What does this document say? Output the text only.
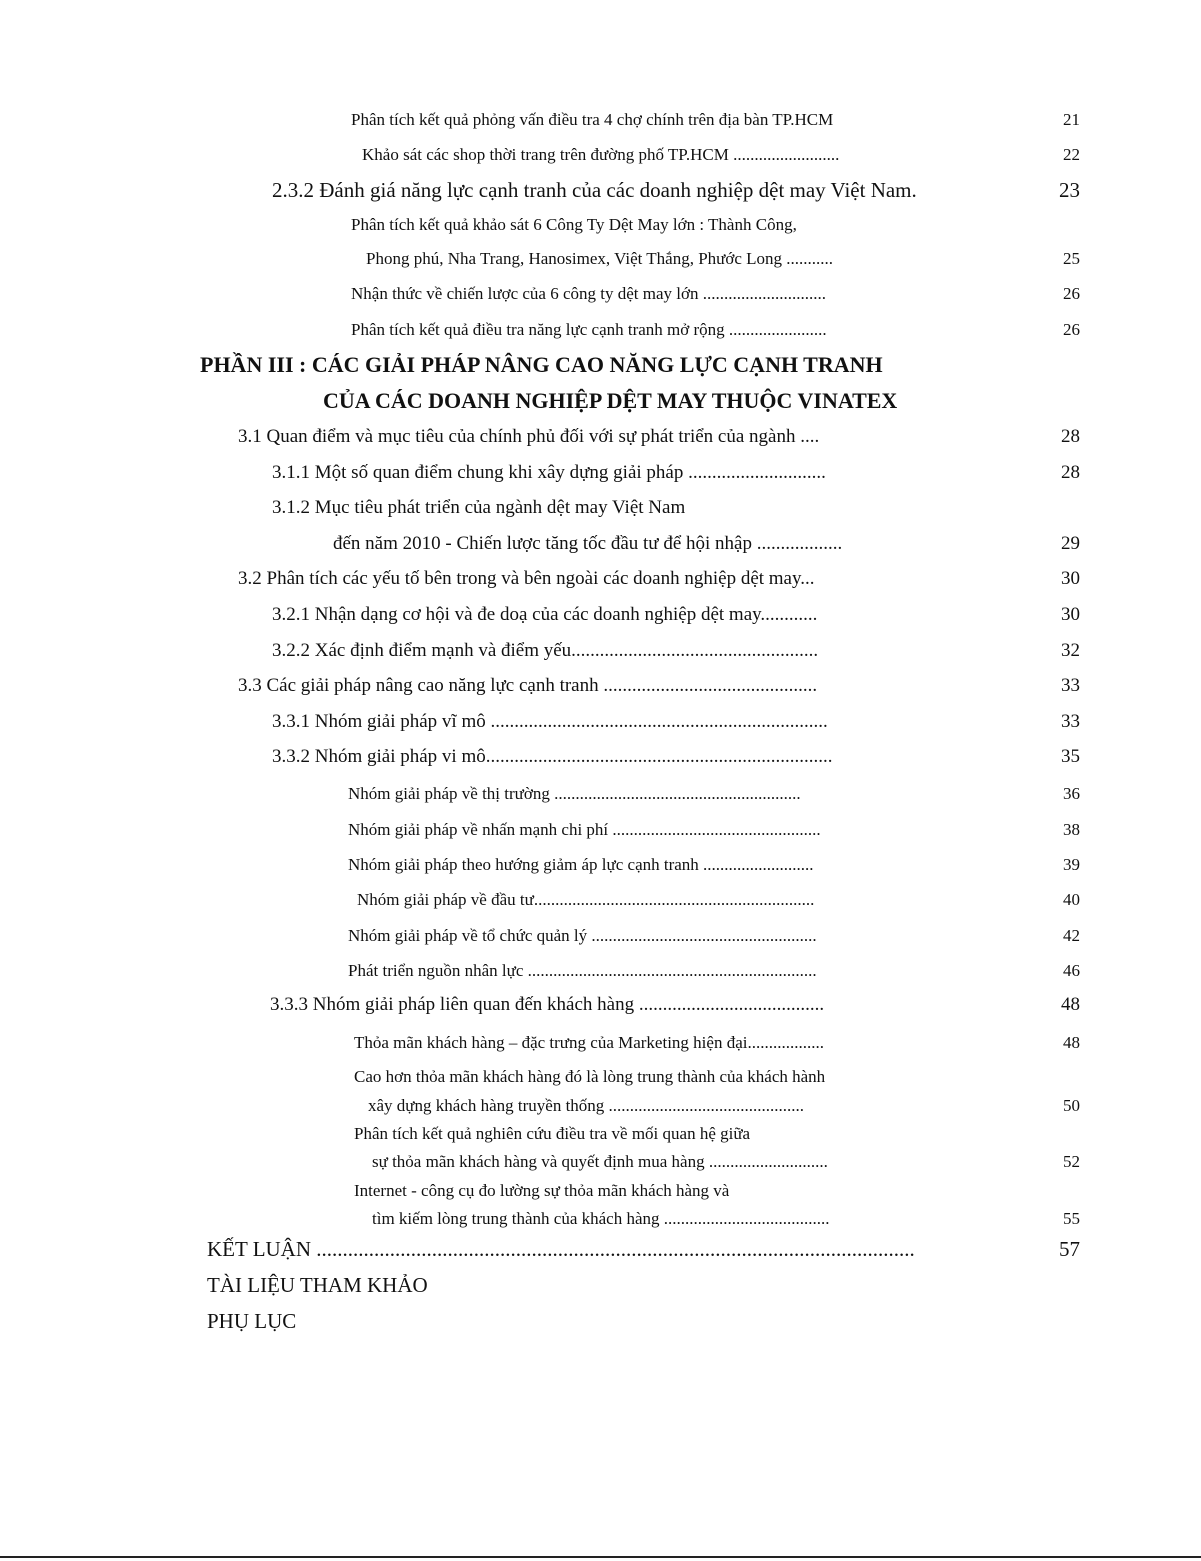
Phân tích kết quả phỏng vấn điều tra 4 chợ chính trên địa bàn TP.HCM	21
Khảo sát các shop thời trang trên đường phố TP.HCM .........................	22
2.3.2 Đánh giá năng lực cạnh tranh của các doanh nghiệp dệt may Việt Nam.	23
Phân tích kết quả khảo sát 6 Công Ty Dệt May lớn : Thành Công,
Phong phú, Nha Trang, Hanosimex, Việt Thắng, Phước Long ...........	25
Nhận thức về chiến lược của 6 công ty dệt may lớn .............................	26
Phân tích kết quả điều tra năng lực cạnh tranh mở rộng .......................	26
PHẦN III : CÁC GIẢI PHÁP NÂNG CAO NĂNG LỰC CẠNH TRANH
CỦA CÁC DOANH NGHIỆP DỆT MAY THUỘC VINATEX
3.1 Quan điểm và mục tiêu của chính phủ đối với sự phát triển của ngành ....	28
3.1.1 Một số quan điểm chung khi xây dựng giải pháp .............................	28
3.1.2 Mục tiêu phát triển của ngành dệt may Việt Nam
đến năm 2010 - Chiến lược tăng tốc đầu tư để hội nhập ..................	29
3.2 Phân tích các yếu tố bên trong và bên ngoài các doanh nghiệp dệt may...	30
3.2.1 Nhận dạng cơ hội và đe doạ của các doanh nghiệp dệt may............	30
3.2.2 Xác định điểm mạnh và điểm yếu....................................................	32
3.3 Các giải pháp nâng cao năng lực cạnh tranh .............................................	33
3.3.1 Nhóm giải pháp vĩ mô .......................................................................	33
3.3.2 Nhóm giải pháp vi mô.........................................................................	35
Nhóm giải pháp về thị trường ..........................................................	36
Nhóm giải pháp về nhấn mạnh chi phí .................................................	38
Nhóm giải pháp theo hướng giảm áp lực cạnh tranh ..........................	39
Nhóm giải pháp về đầu tư..................................................................	40
Nhóm giải pháp về tổ chức quản lý .....................................................	42
Phát triển nguồn nhân lực ....................................................................	46
3.3.3 Nhóm giải pháp liên quan đến khách hàng .......................................	48
Thỏa mãn khách hàng – đặc trưng của Marketing hiện đại..................	48
Cao hơn thỏa mãn khách hàng đó là lòng trung thành của khách hành
xây dựng khách hàng truyền thống ..............................................	50
Phân tích kết quả nghiên cứu điều tra về mối quan hệ giữa
sự thỏa mãn khách hàng và quyết định mua hàng ............................	52
Internet - công cụ đo lường sự thỏa mãn khách hàng và
tìm kiếm lòng trung thành của khách hàng .......................................	55
KẾT LUẬN ..................................................................................................................	57
TÀI LIỆU THAM KHẢO
PHỤ LỤC
